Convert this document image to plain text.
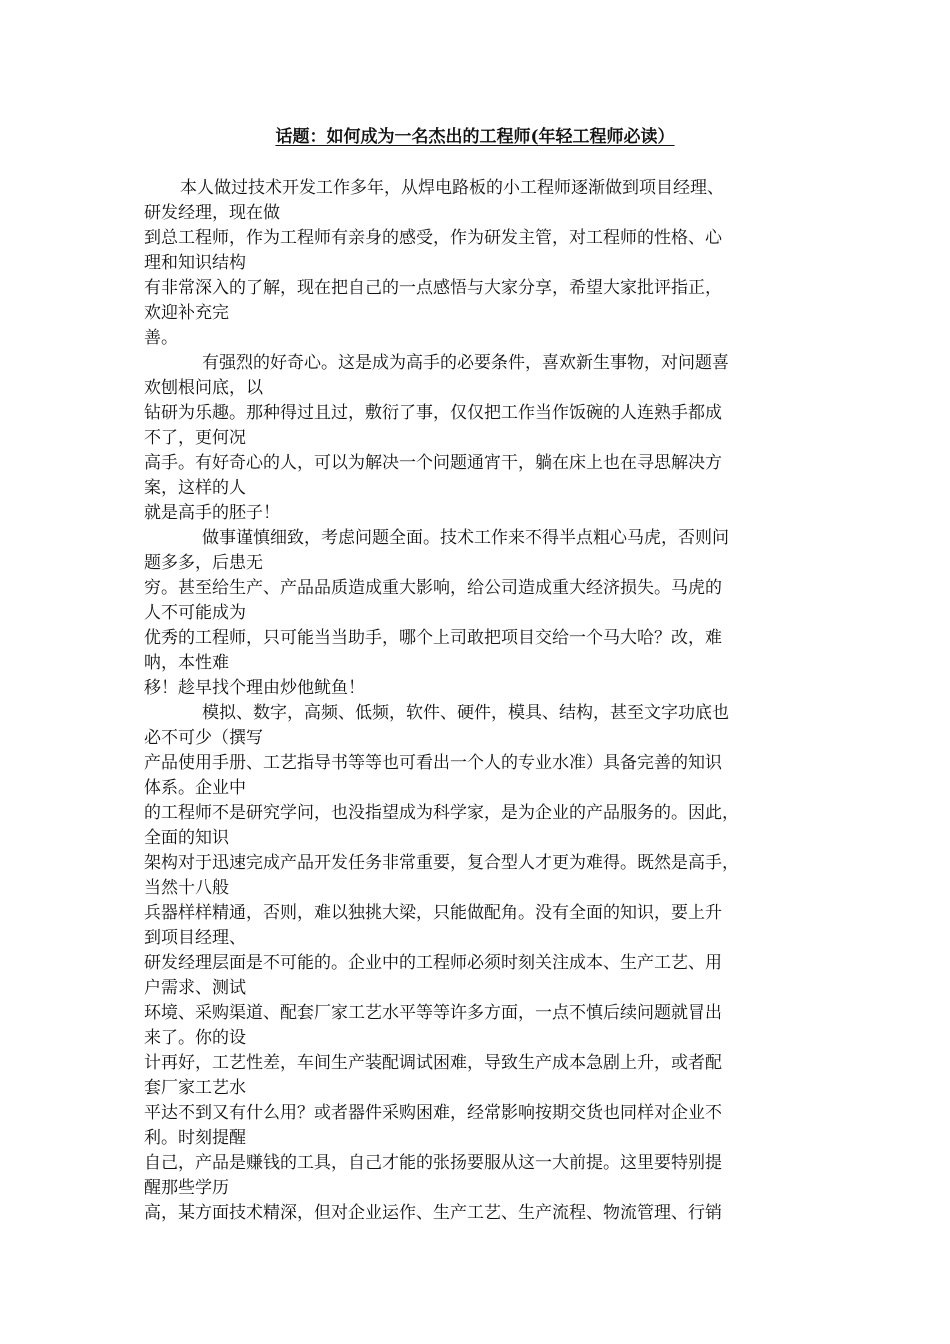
话题：如何成为一名杰出的工程师(年轻工程师必读）
本人做过技术开发工作多年，从焊电路板的小工程师逐渐做到项目经理、
研发经理，现在做
到总工程师，作为工程师有亲身的感受，作为研发主管，对工程师的性格、心
理和知识结构
有非常深入的了解，现在把自己的一点感悟与大家分享，希望大家批评指正，
欢迎补充完
善。
有强烈的好奇心。这是成为高手的必要条件，喜欢新生事物，对问题喜
欢刨根问底，以
钻研为乐趣。那种得过且过，敷衍了事，仅仅把工作当作饭碗的人连熟手都成
不了，更何况
高手。有好奇心的人，可以为解决一个问题通宵干，躺在床上也在寻思解决方
案，这样的人
就是高手的胚子！
做事谨慎细致，考虑问题全面。技术工作来不得半点粗心马虎，否则问
题多多，后患无
穷。甚至给生产、产品品质造成重大影响，给公司造成重大经济损失。马虎的
人不可能成为
优秀的工程师，只可能当当助手，哪个上司敢把项目交给一个马大哈？改，难
呐，本性难
移！趁早找个理由炒他鱿鱼！
模拟、数字，高频、低频，软件、硬件，模具、结构，甚至文字功底也
必不可少（撰写
产品使用手册、工艺指导书等等也可看出一个人的专业水准）具备完善的知识
体系。企业中
的工程师不是研究学问，也没指望成为科学家，是为企业的产品服务的。因此，
全面的知识
架构对于迅速完成产品开发任务非常重要，复合型人才更为难得。既然是高手，
当然十八般
兵器样样精通，否则，难以独挑大梁，只能做配角。没有全面的知识，要上升
到项目经理、
研发经理层面是不可能的。企业中的工程师必须时刻关注成本、生产工艺、用
户需求、测试
环境、采购渠道、配套厂家工艺水平等等许多方面，一点不慎后续问题就冒出
来了。你的设
计再好，工艺性差，车间生产装配调试困难，导致生产成本急剧上升，或者配
套厂家工艺水
平达不到又有什么用？或者器件采购困难，经常影响按期交货也同样对企业不
利。时刻提醒
自己，产品是赚钱的工具，自己才能的张扬要服从这一大前提。这里要特别提
醒那些学历
高，某方面技术精深，但对企业运作、生产工艺、生产流程、物流管理、行销
